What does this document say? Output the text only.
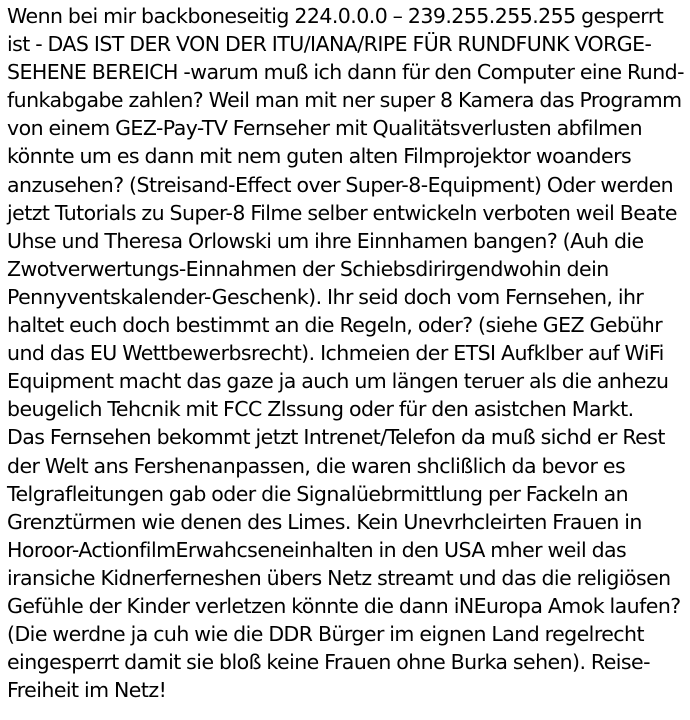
Wenn bei mir backboneseitig 224.0.0.0 – 239.255.255.255 gesperrt
ist - DAS IST DER VON DER ITU/IANA/RIPE FÜR RUNDFUNK VORGE-
SEHENE BEREICH -warum muß ich dann für den Computer eine Rund-
funkabgabe zahlen? Weil man mit ner super 8 Kamera das Programm
von einem GEZ-Pay-TV Fernseher mit Qualitätsverlusten abfilmen
könnte um es dann mit nem guten alten Filmprojektor woanders
anzusehen? (Streisand-Effect over Super-8-Equipment) Oder werden
jetzt Tutorials zu Super-8 Filme selber entwickeln verboten weil Beate
Uhse und Theresa Orlowski um ihre Einnhamen bangen? (Auh die
Zwotverwertungs-Einnahmen der Schiebsdirirgendwohin dein
Pennyventskalender-Geschenk). Ihr seid doch vom Fernsehen, ihr
haltet euch doch bestimmt an die Regeln, oder? (siehe GEZ Gebühr
und das EU Wettbewerbsrecht). Ichmeien der ETSI Aufklber auf WiFi
Equipment macht das gaze ja auch um längen teruer als die anhezu
beugelich Tehcnik mit FCC Zlssung oder für den asistchen Markt.
Das Fernsehen bekommt jetzt Intrenet/Telefon da muß sichd er Rest
der Welt ans Fershenanpassen, die waren shclißlich da bevor es
Telgrafleitungen gab oder die Signalüebrmittlung per Fackeln an
Grenztürmen wie denen des Limes. Kein Unevrhcleirten Frauen in
Horoor-ActionfilmErwahcseneinhalten in den USA mher weil das
iransiche Kidnerferneshen übers Netz streamt und das die religiösen
Gefühle der Kinder verletzen könnte die dann iNEuropa Amok laufen?
(Die werdne ja cuh wie die DDR Bürger im eignen Land regelrecht
eingesperrt damit sie bloß keine Frauen ohne Burka sehen). Reise-
Freiheit im Netz!
